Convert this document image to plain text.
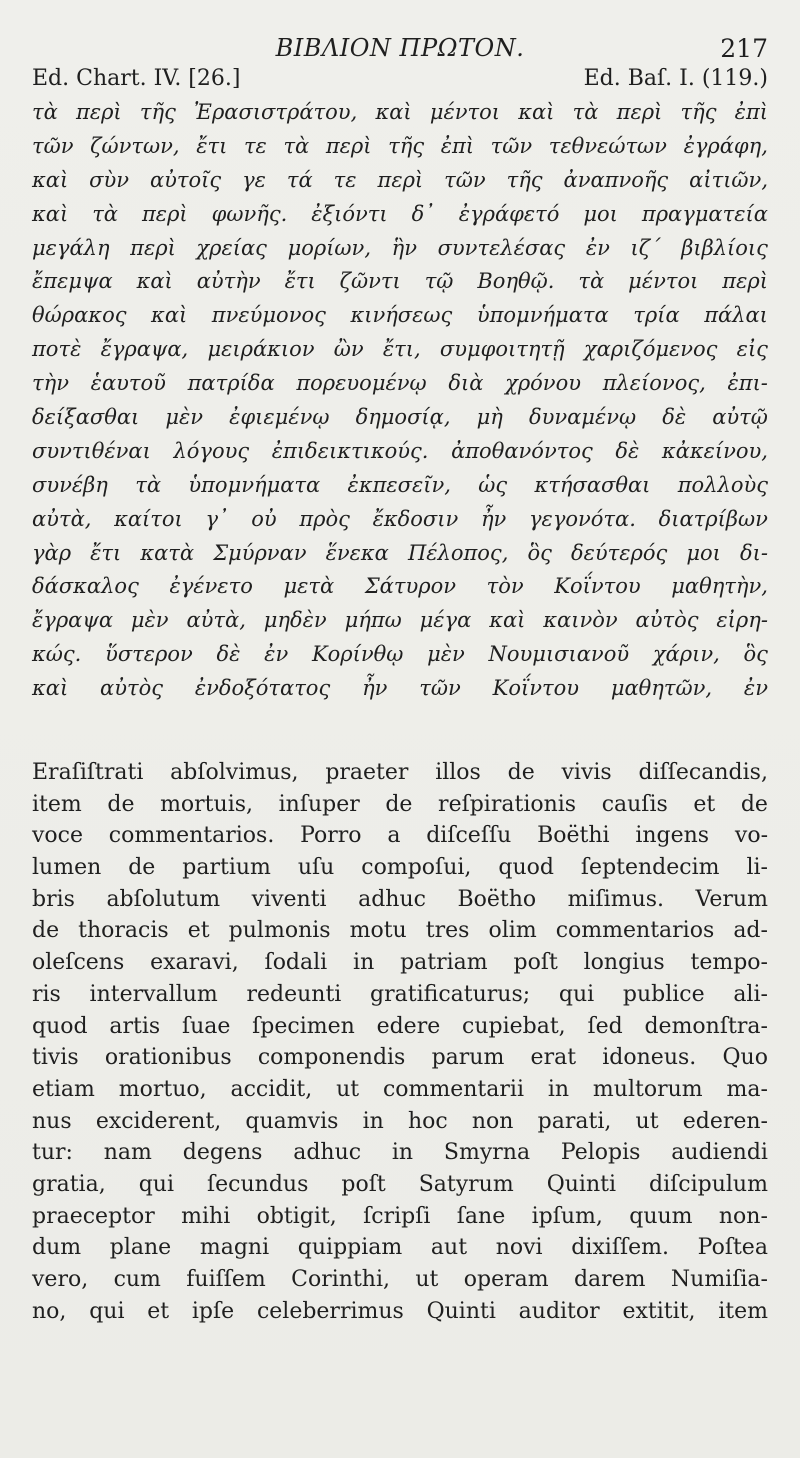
ΒΙΒΛΙΟΝ ΠΡΩΤΟΝ.	217
Ed. Chart. IV. [26.]	Ed. Baſ. I. (119.)
τὰ περὶ τῆς Ἐρασιστράτου, καὶ μέντοι καὶ τὰ περὶ τῆς ἐπὶ
τῶν ζώντων, ἔτι τε τὰ περὶ τῆς ἐπὶ τῶν τεθνεώτων ἐγράφη,
καὶ σὺν αὐτοῖς γε τά τε περὶ τῶν τῆς ἀναπνοῆς αἰτιῶν,
καὶ τὰ περὶ φωνῆς. ἐξιόντι δ᾽ ἐγράφετό μοι πραγματεία
μεγάλη περὶ χρείας μορίων, ἣν συντελέσας ἐν ιζ΄ βιβλίοις
ἔπεμψα καὶ αὐτὴν ἔτι ζῶντι τῷ Βοηθῷ. τὰ μέντοι περὶ
θώρακος καὶ πνεύμονος κινήσεως ὑπομνήματα τρία πάλαι
ποτὲ ἔγραψα, μειράκιον ὢν ἔτι, συμφοιτητῇ χαριζόμενος εἰς
τὴν ἑαυτοῦ πατρίδα πορευομένῳ διὰ χρόνου πλείονος, ἐπι-
δείξασθαι μὲν ἐφιεμένῳ δημοσίᾳ, μὴ δυναμένῳ δὲ αὐτῷ
συντιθέναι λόγους ἐπιδεικτικούς. ἀποθανόντος δὲ κἀκείνου,
συνέβη τὰ ὑπομνήματα ἐκπεσεῖν, ὡς κτήσασθαι πολλοὺς
αὐτὰ, καίτοι γ᾽ οὐ πρὸς ἔκδοσιν ἦν γεγονότα. διατρίβων
γὰρ ἔτι κατὰ Σμύρναν ἕνεκα Πέλοπος, ὃς δεύτερός μοι δι-
δάσκαλος ἐγένετο μετὰ Σάτυρον τὸν Κοΐντου μαθητὴν,
ἔγραψα μὲν αὐτὰ, μηδὲν μήπω μέγα καὶ καινὸν αὐτὸς εἰρη-
κώς. ὕστερον δὲ ἐν Κορίνθῳ μὲν Νουμισιανοῦ χάριν, ὃς
καὶ αὐτὸς ἐνδοξότατος ἦν τῶν Κοΐντου μαθητῶν, ἐν
Eraſiſtrati abſolvimus, praeter illos de vivis diſſecandis,
item de mortuis, inſuper de reſpirationis cauſis et de
voce commentarios. Porro a diſceſſu Boëthi ingens vo-
lumen de partium uſu compoſui, quod ſeptendecim li-
bris abſolutum viventi adhuc Boëtho miſimus. Verum
de thoracis et pulmonis motu tres olim commentarios ad-
oleſcens exaravi, ſodali in patriam poſt longius tempo-
ris intervallum redeunti gratificaturus; qui publice ali-
quod artis ſuae ſpecimen edere cupiebat, ſed demonſtra-
tivis orationibus componendis parum erat idoneus. Quo
etiam mortuo, accidit, ut commentarii in multorum ma-
nus exciderent, quamvis in hoc non parati, ut ederen-
tur: nam degens adhuc in Smyrna Pelopis audiendi
gratia, qui ſecundus poſt Satyrum Quinti diſcipulum
praeceptor mihi obtigit, ſcripſi ſane ipſum, quum non-
dum plane magni quippiam aut novi dixiſſem. Poſtea
vero, cum fuiſſem Corinthi, ut operam darem Numiſia-
no, qui et ipſe celeberrimus Quinti auditor extitit, item
